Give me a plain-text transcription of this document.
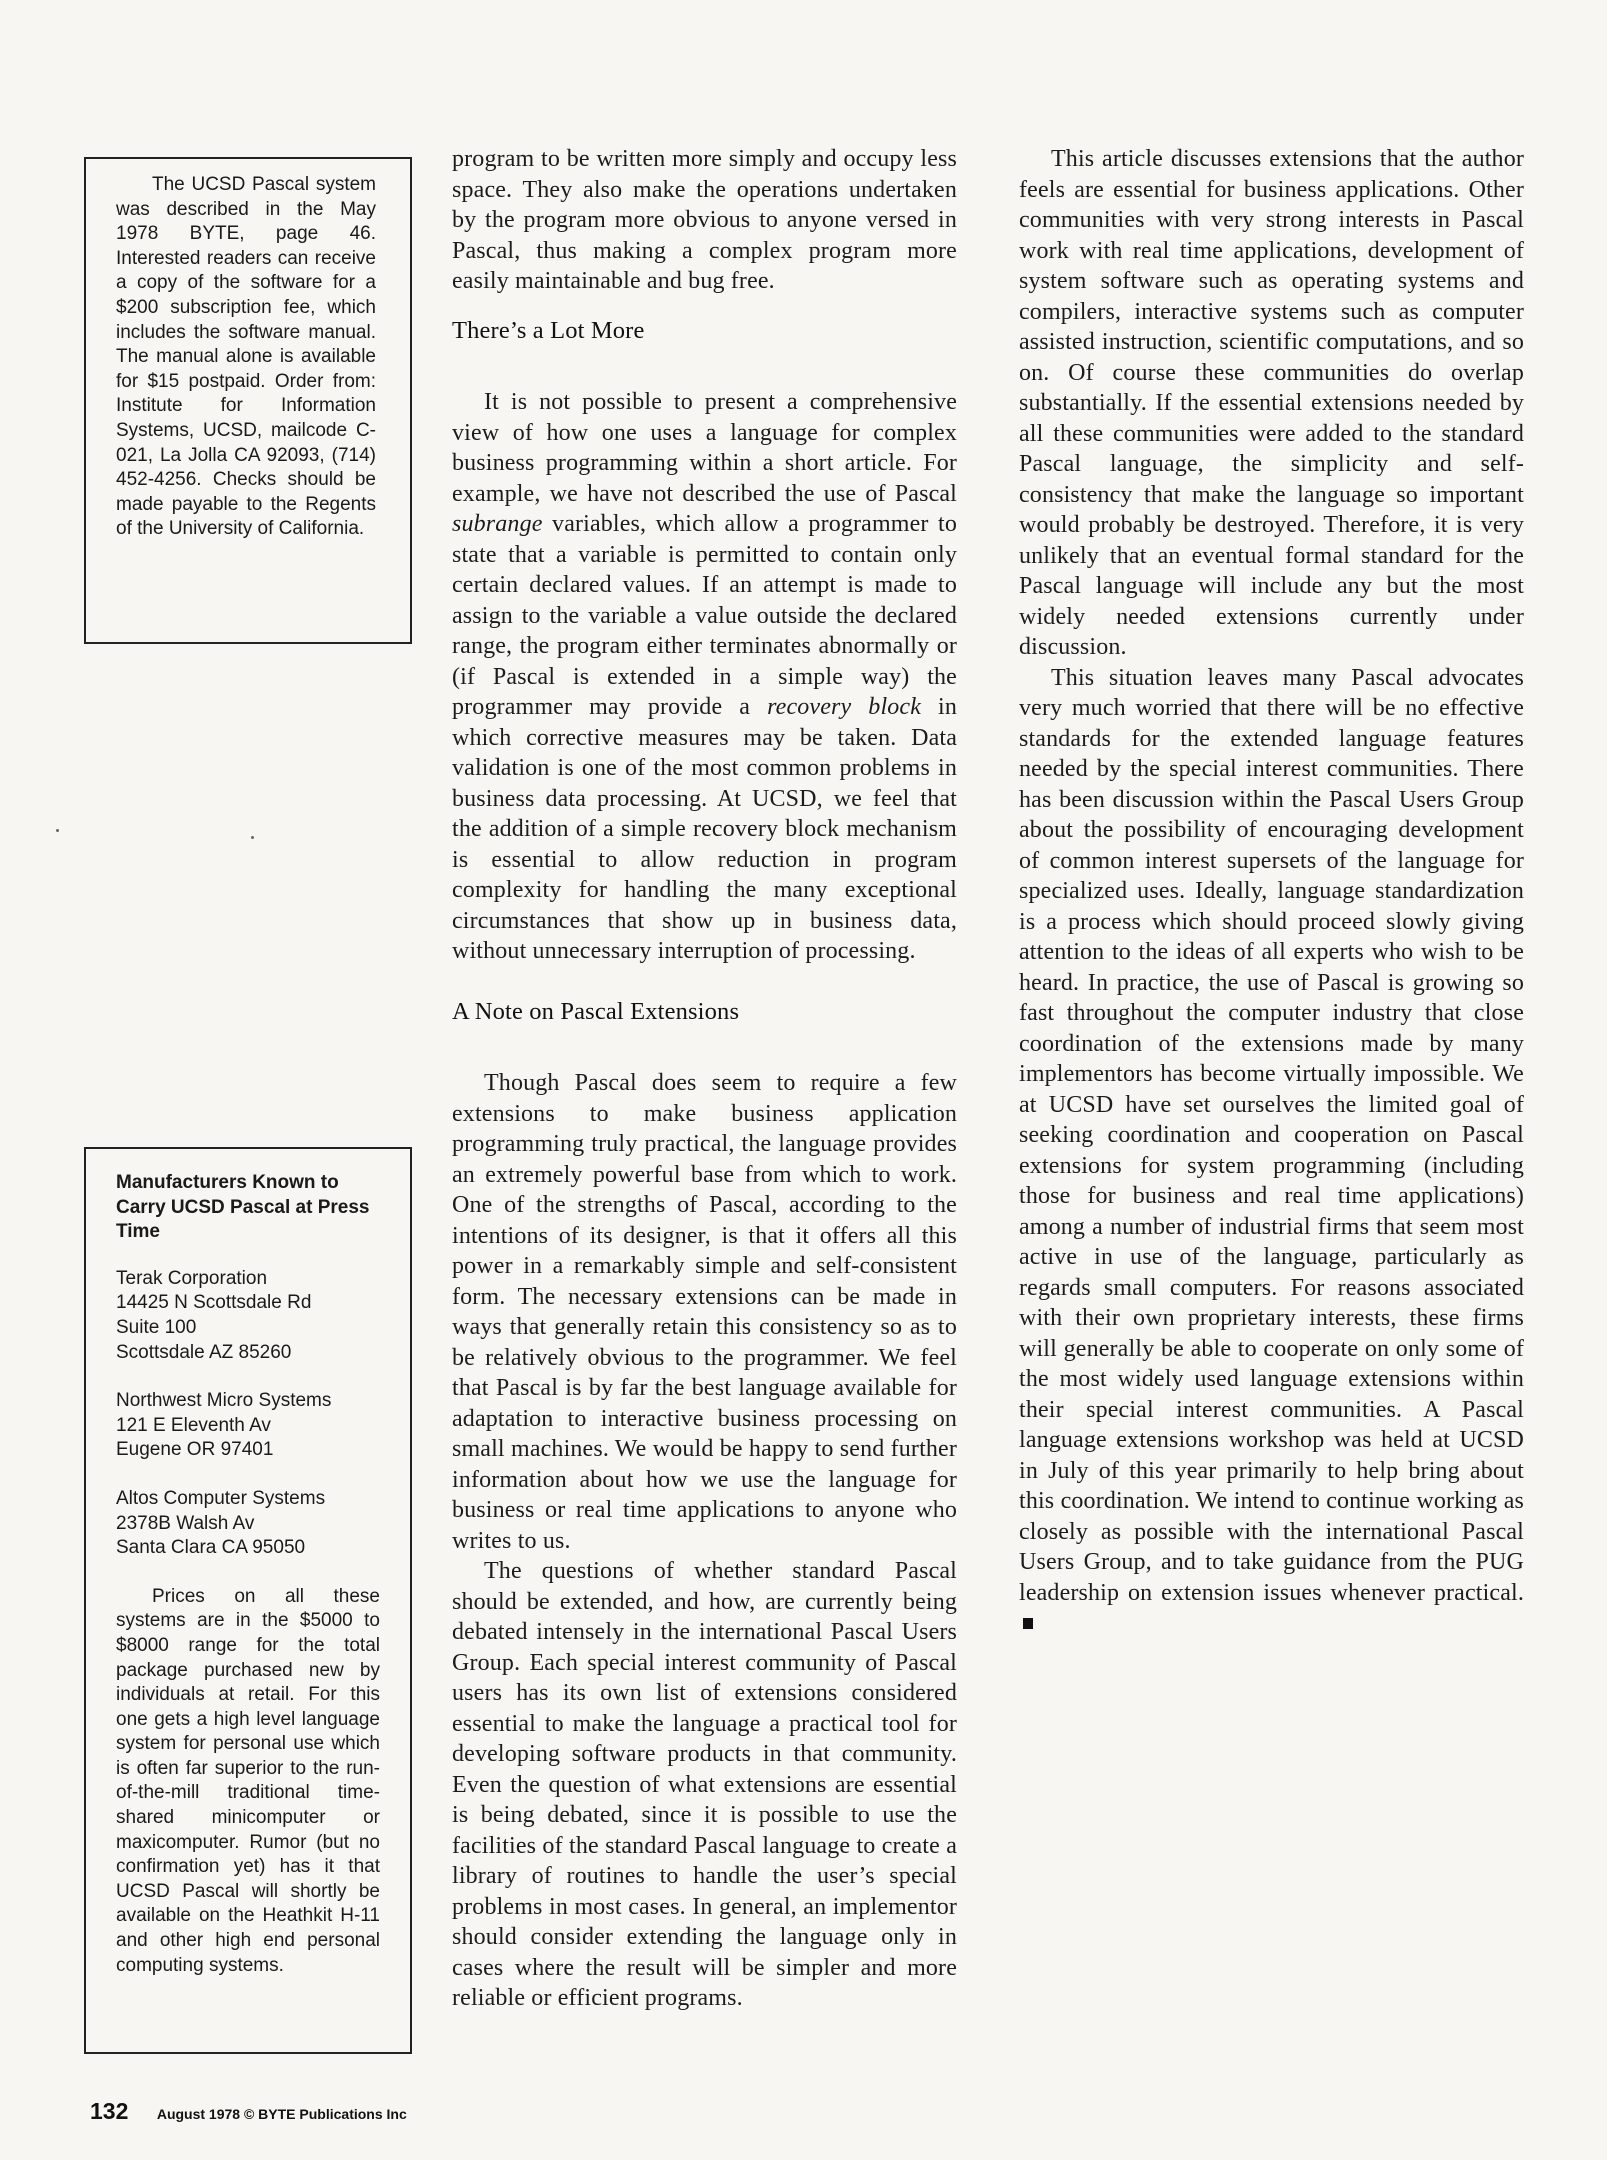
The UCSD Pascal system was described in the May 1978 BYTE, page 46. Interested readers can receive a copy of the software for a $200 subscription fee, which includes the software manual. The manual alone is available for $15 postpaid. Order from: Institute for Information Systems, UCSD, mailcode C-021, La Jolla CA 92093, (714) 452-4256. Checks should be made payable to the Regents of the University of California.

Manufacturers Known to Carry UCSD Pascal at Press Time

Terak Corporation
14425 N Scottsdale Rd
Suite 100
Scottsdale AZ 85260
Northwest Micro Systems
121 E Eleventh Av
Eugene OR 97401
Altos Computer Systems
2378B Walsh Av
Santa Clara CA 95050

Prices on all these systems are in the $5000 to $8000 range for the total package purchased new by individuals at retail. For this one gets a high level language system for personal use which is often far superior to the run-of-the-mill traditional time-shared minicomputer or maxicomputer. Rumor (but no confirmation yet) has it that UCSD Pascal will shortly be available on the Heathkit H-11 and other high end personal computing systems.

program to be written more simply and occupy less space. They also make the operations undertaken by the program more obvious to anyone versed in Pascal, thus making a complex program more easily maintainable and bug free.

There’s a Lot More

It is not possible to present a comprehensive view of how one uses a language for complex business programming within a short article. For example, we have not described the use of Pascal subrange variables, which allow a programmer to state that a variable is permitted to contain only certain declared values. If an attempt is made to assign to the variable a value outside the declared range, the program either terminates abnormally or (if Pascal is extended in a simple way) the programmer may provide a recovery block in which corrective measures may be taken. Data validation is one of the most common problems in business data processing. At UCSD, we feel that the addition of a simple recovery block mechanism is essential to allow reduction in program complexity for handling the many exceptional circumstances that show up in business data, without unnecessary interruption of processing.

A Note on Pascal Extensions

Though Pascal does seem to require a few extensions to make business application programming truly practical, the language provides an extremely powerful base from which to work. One of the strengths of Pascal, according to the intentions of its designer, is that it offers all this power in a remarkably simple and self-consistent form. The necessary extensions can be made in ways that generally retain this consistency so as to be relatively obvious to the programmer. We feel that Pascal is by far the best language available for adaptation to interactive business processing on small machines. We would be happy to send further information about how we use the language for business or real time applications to anyone who writes to us.

The questions of whether standard Pascal should be extended, and how, are currently being debated intensely in the international Pascal Users Group. Each special interest community of Pascal users has its own list of extensions considered essential to make the language a practical tool for developing software products in that community. Even the question of what extensions are essential is being debated, since it is possible to use the facilities of the standard Pascal language to create a library of routines to handle the user’s special problems in most cases. In general, an implementor should consider extending the language only in cases where the result will be simpler and more reliable or efficient programs.

This article discusses extensions that the author feels are essential for business applications. Other communities with very strong interests in Pascal work with real time applications, development of system software such as operating systems and compilers, interactive systems such as computer assisted instruction, scientific computations, and so on. Of course these communities do overlap substantially. If the essential extensions needed by all these communities were added to the standard Pascal language, the simplicity and self-consistency that make the language so important would probably be destroyed. Therefore, it is very unlikely that an eventual formal standard for the Pascal language will include any but the most widely needed extensions currently under discussion.

This situation leaves many Pascal advocates very much worried that there will be no effective standards for the extended language features needed by the special interest communities. There has been discussion within the Pascal Users Group about the possibility of encouraging development of common interest supersets of the language for specialized uses. Ideally, language standardization is a process which should proceed slowly giving attention to the ideas of all experts who wish to be heard. In practice, the use of Pascal is growing so fast throughout the computer industry that close coordination of the extensions made by many implementors has become virtually impossible. We at UCSD have set ourselves the limited goal of seeking coordination and cooperation on Pascal extensions for system programming (including those for business and real time applications) among a number of industrial firms that seem most active in use of the language, particularly as regards small computers. For reasons associated with their own proprietary interests, these firms will generally be able to cooperate on only some of the most widely used language extensions within their special interest communities. A Pascal language extensions workshop was held at UCSD in July of this year primarily to help bring about this coordination. We intend to continue working as closely as possible with the international Pascal Users Group, and to take guidance from the PUG leadership on extension issues whenever practical.

132 August 1978 © BYTE Publications Inc
